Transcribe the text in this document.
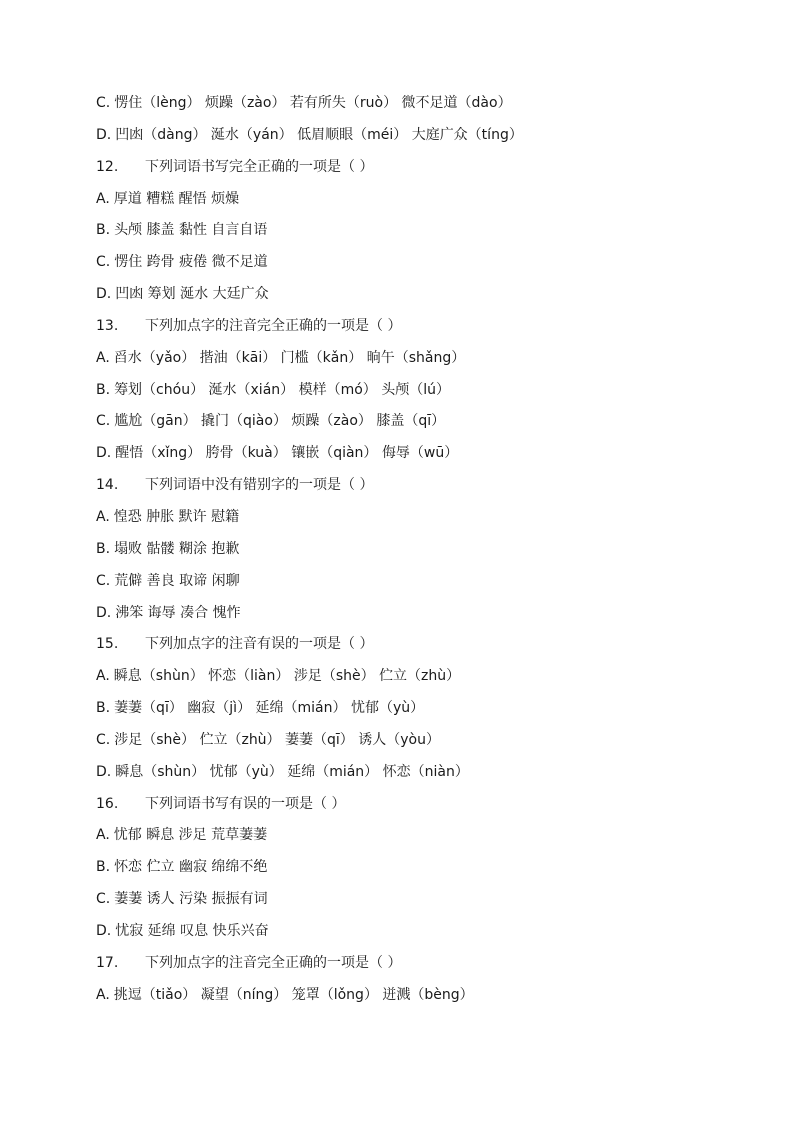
C. 愣住（lèng） 烦躁（zào） 若有所失（ruò） 微不足道（dào）
D. 凹凼（dàng） 涎水（yán） 低眉顺眼（méi） 大庭广众（tíng）
12. 下列词语书写完全正确的一项是（ ）
A. 厚道 糟糕 醒悟 烦燥
B. 头颅 膝盖 黏性 自言自语
C. 愣住 跨骨 疲倦 微不足道
D. 凹凼 筹划 涎水 大廷广众
13. 下列加点字的注音完全正确的一项是（ ）
A. 舀水（yǎo） 揩油（kāi） 门槛（kǎn） 晌午（shǎng）
B. 筹划（chóu） 涎水（xián） 模样（mó） 头颅（lú）
C. 尴尬（gān） 撬门（qiào） 烦躁（zào） 膝盖（qī）
D. 醒悟（xǐng） 胯骨（kuà） 镶嵌（qiàn） 侮辱（wū）
14. 下列词语中没有错别字的一项是（ ）
A. 惶恐 肿胀 默许 慰籍
B. 塌败 骷髅 糊涂 抱歉
C. 荒僻 善良 取谛 闲聊
D. 沸笨 诲辱 凑合 愧怍
15. 下列加点字的注音有误的一项是（ ）
A. 瞬息（shùn） 怀恋（liàn） 涉足（shè） 伫立（zhù）
B. 萋萋（qī） 幽寂（jì） 延绵（mián） 忧郁（yù）
C. 涉足（shè） 伫立（zhù） 萋萋（qī） 诱人（yòu）
D. 瞬息（shùn） 忧郁（yù） 延绵（mián） 怀恋（niàn）
16. 下列词语书写有误的一项是（ ）
A. 忧郁 瞬息 涉足 荒草萋萋
B. 怀恋 伫立 幽寂 绵绵不绝
C. 萋萋 诱人 污染 振振有词
D. 忧寂 延绵 叹息 快乐兴奋
17. 下列加点字的注音完全正确的一项是（ ）
A. 挑逗（tiǎo） 凝望（níng） 笼罩（lǒng） 迸溅（bèng）
